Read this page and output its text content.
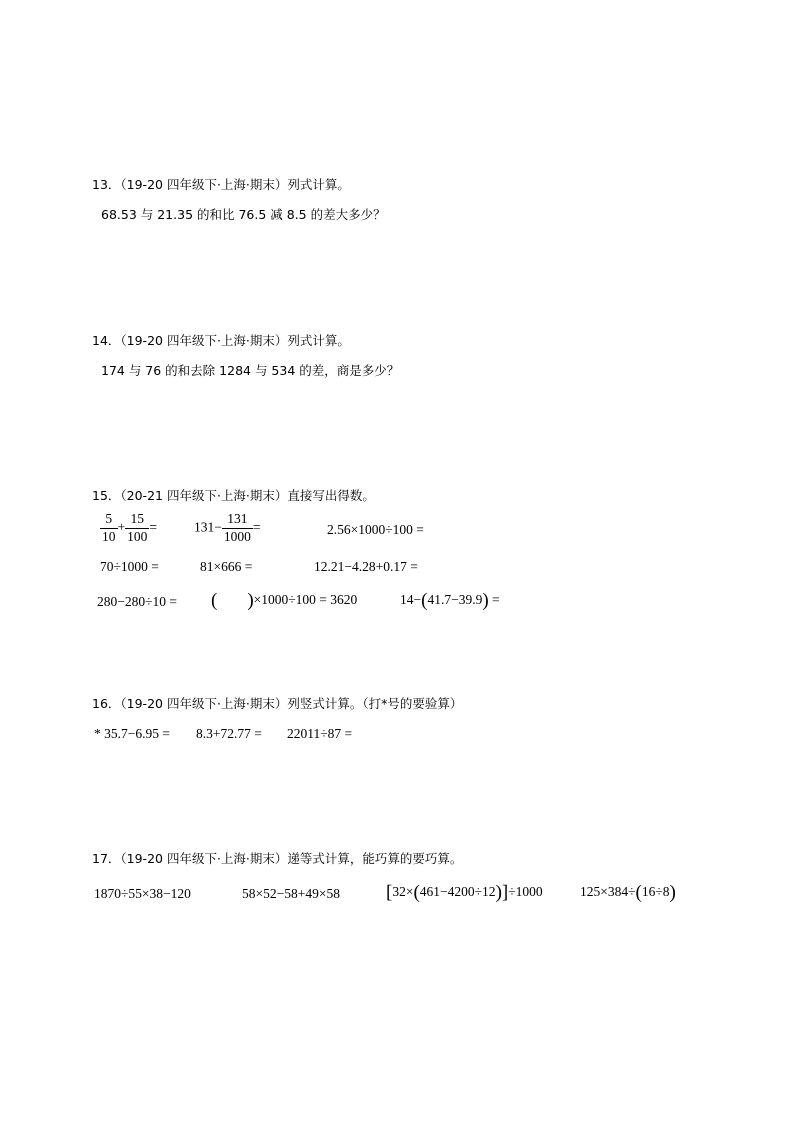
13．（19-20 四年级下·上海·期末）列式计算。
68.53 与 21.35 的和比 76.5 减 8.5 的差大多少？
14．（19-20 四年级下·上海·期末）列式计算。
174 与 76 的和去除 1284 与 534 的差，商是多少？
15．（20-21 四年级下·上海·期末）直接写出得数。
$\frac{5}{10} + \frac{15}{100}$ =	$131- \frac{131}{1000}$ =	2.56×1000÷100 =
70÷1000 =	81×666 =	12.21−4.28+0.17 =
280−280÷10 = ( )×1000÷100 = 3620	14−(41.7−39.9) =
16．（19-20 四年级下·上海·期末）列竖式计算。（打*号的要验算）
* 35.7−6.95 = 8.3+72.77 = 22011÷87 =
17．（19-20 四年级下·上海·期末）递等式计算，能巧算的要巧算。
1870÷55×38−120	58×52−58+49×58 [32×(461−4200÷12)]÷1000	125×384÷(16÷8)
